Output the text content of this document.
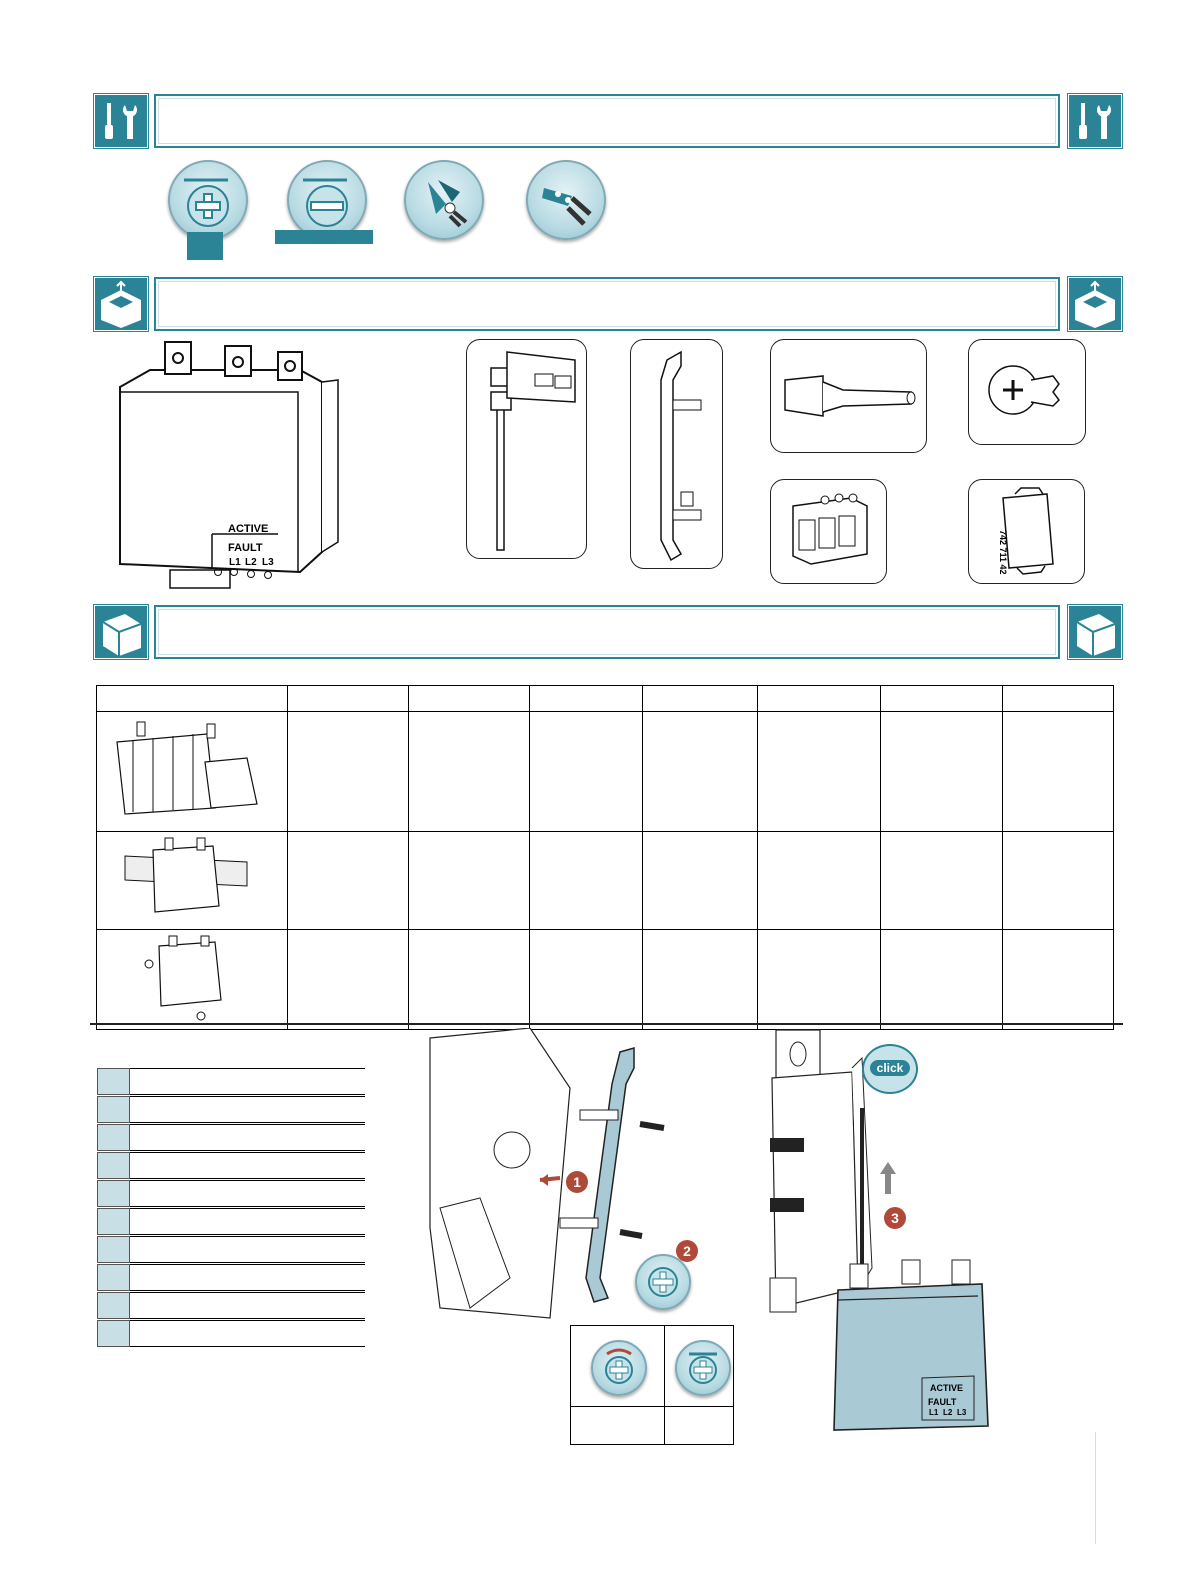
ACTIVE
FAULT
L1 L2 L3	742 711 42

1
2
click
3
ACTIVE
FAULT
L1 L2 L3
